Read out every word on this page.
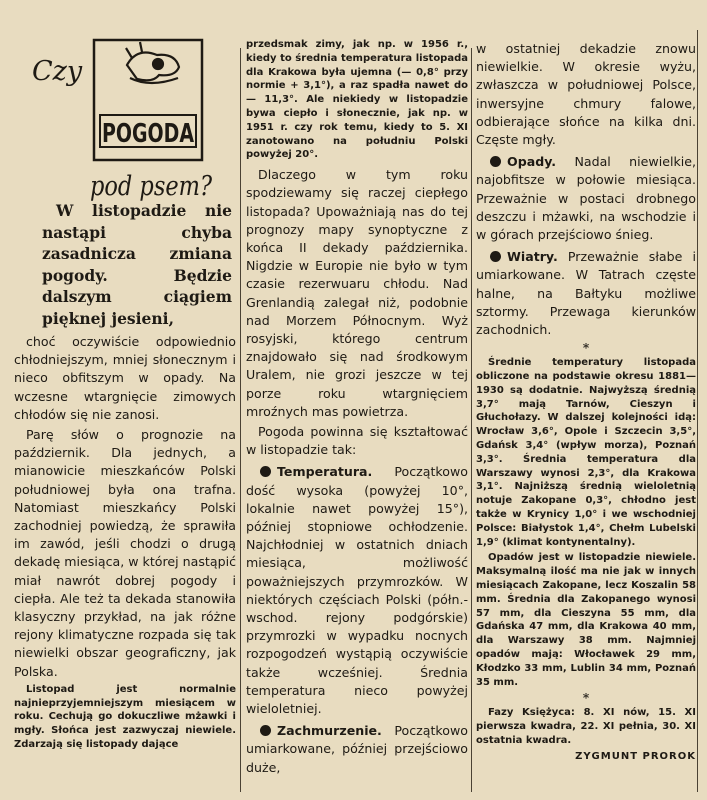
Czy
POGODA
pod psem?

W listopadzie nie nastąpi chyba zasadnicza zmiana pogody. Będzie dalszym ciągiem pięknej jesieni,

choć oczywiście odpowiednio chłodniejszym, mniej słonecznym i nieco obfitszym w opady. Na wczesne wtargnięcie zimowych chłodów się nie zanosi.

Parę słów o prognozie na październik. Dla jednych, a mianowicie mieszkańców Polski południowej była ona trafna. Natomiast mieszkańcy Polski zachodniej powiedzą, że sprawiła im zawód, jeśli chodzi o drugą dekadę miesiąca, w której nastąpić miał nawrót dobrej pogody i ciepła. Ale też ta dekada stanowiła klasyczny przykład, na jak różne rejony klimatyczne rozpada się tak niewielki obszar geograficzny, jak Polska.

Listopad jest normalnie najnieprzyjemniejszym miesiącem w roku. Cechują go dokuczliwe mżawki i mgły. Słońca jest zazwyczaj niewiele. Zdarzają się listopady dające

przedsmak zimy, jak np. w 1956 r., kiedy to średnia temperatura listopada dla Krakowa była ujemna (— 0,8° przy normie + 3,1°), a raz spadła nawet do — 11,3°. Ale niekiedy w listopadzie bywa ciepło i słonecznie, jak np. w 1951 r. czy rok temu, kiedy to 5. XI zanotowano na południu Polski powyżej 20°.

Dlaczego w tym roku spodziewamy się raczej ciepłego listopada? Upoważniają nas do tej prognozy mapy synoptyczne z końca II dekady października. Nigdzie w Europie nie było w tym czasie rezerwuaru chłodu. Nad Grenlandią zalegał niż, podobnie nad Morzem Północnym. Wyż rosyjski, którego centrum znajdowało się nad środkowym Uralem, nie grozi jeszcze w tej porze roku wtargnięciem mroźnych mas powietrza.

Pogoda powinna się kształtować w listopadzie tak:

Temperatura. Początkowo dość wysoka (powyżej 10°, lokalnie nawet powyżej 15°), później stopniowe ochłodzenie. Najchłodniej w ostatnich dniach miesiąca, możliwość poważniejszych przymrozków. W niektórych częściach Polski (półn.-wschod. rejony podgórskie) przymrozki w wypadku nocnych rozpogodzeń wystąpią oczywiście także wcześniej. Średnia temperatura nieco powyżej wieloletniej.

Zachmurzenie. Początkowo umiarkowane, później przejściowo duże,

w ostatniej dekadzie znowu niewielkie. W okresie wyżu, zwłaszcza w południowej Polsce, inwersyjne chmury falowe, odbierające słońce na kilka dni. Częste mgły.

Opady. Nadal niewielkie, najobfitsze w połowie miesiąca. Przeważnie w postaci drobnego deszczu i mżawki, na wschodzie i w górach przejściowo śnieg.

Wiatry. Przeważnie słabe i umiarkowane. W Tatrach częste halne, na Bałtyku możliwe sztormy. Przewaga kierunków zachodnich.

*

Średnie temperatury listopada obliczone na podstawie okresu 1881—1930 są dodatnie. Najwyższą średnią 3,7° mają Tarnów, Cieszyn i Głuchołazy. W dalszej kolejności idą: Wrocław 3,6°, Opole i Szczecin 3,5°, Gdańsk 3,4° (wpływ morza), Poznań 3,3°. Średnia temperatura dla Warszawy wynosi 2,3°, dla Krakowa 3,1°. Najniższą średnią wieloletnią notuje Zakopane 0,3°, chłodno jest także w Krynicy 1,0° i we wschodniej Polsce: Białystok 1,4°, Chełm Lubelski 1,9° (klimat kontynentalny).

Opadów jest w listopadzie niewiele. Maksymalną ilość ma nie jak w innych miesiącach Zakopane, lecz Koszalin 58 mm. Średnia dla Zakopanego wynosi 57 mm, dla Cieszyna 55 mm, dla Gdańska 47 mm, dla Krakowa 40 mm, dla Warszawy 38 mm. Najmniej opadów mają: Włocławek 29 mm, Kłodzko 33 mm, Lublin 34 mm, Poznań 35 mm.

*

Fazy Księżyca: 8. XI nów, 15. XI pierwsza kwadra, 22. XI pełnia, 30. XI ostatnia kwadra.

ZYGMUNT PROROK
